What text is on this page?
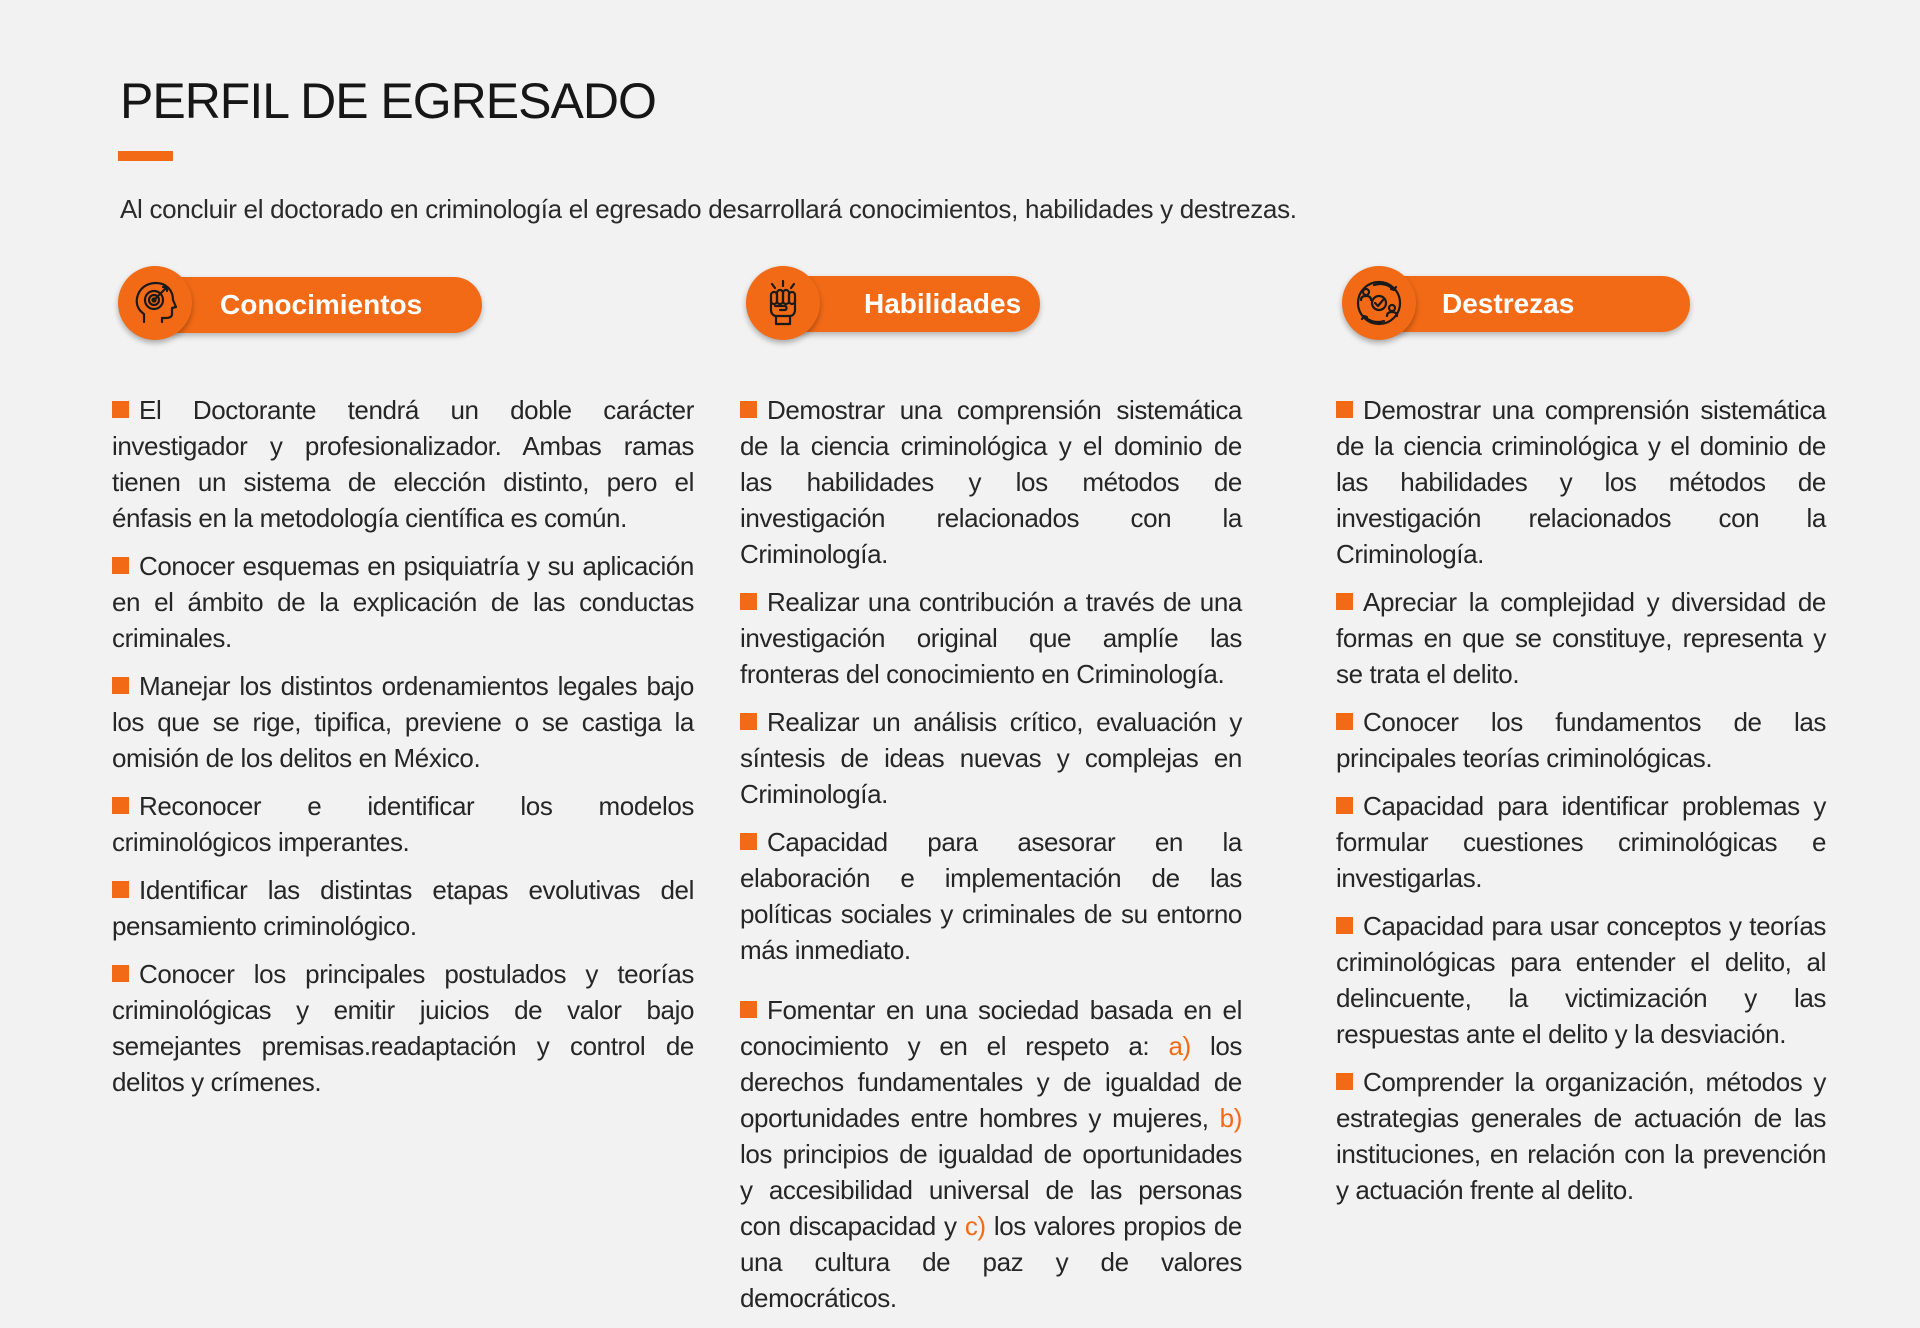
PERFIL DE EGRESADO

Al concluir el doctorado en criminología el egresado desarrollará conocimientos, habilidades y destrezas.

Conocimientos
El Doctorante tendrá un doble carácter investigador y profesionalizador. Ambas ramas tienen un sistema de elección distinto, pero el énfasis en la metodología científica es común.
Conocer esquemas en psiquiatría y su aplicación en el ámbito de la explicación de las conductas criminales.
Manejar los distintos ordenamientos legales bajo los que se rige, tipifica, previene o se castiga la omisión de los delitos en México.
Reconocer e identificar los modelos criminológicos imperantes.
Identificar las distintas etapas evolutivas del pensamiento criminológico.
Conocer los principales postulados y teorías criminológicas y emitir juicios de valor bajo semejantes premisas.readaptación y control de delitos y crímenes.
Habilidades
Demostrar una comprensión sistemática de la ciencia criminológica y el dominio de las habilidades y los métodos de investigación relacionados con la Criminología.
Realizar una contribución a través de una investigación original que amplíe las fronteras del conocimiento en Criminología.
Realizar un análisis crítico, evaluación y síntesis de ideas nuevas y complejas en Criminología.
Capacidad para asesorar en la elaboración e implementación de las políticas sociales y criminales de su entorno más inmediato.
Fomentar en una sociedad basada en el conocimiento y en el respeto a: a) los derechos fundamentales y de igualdad de oportunidades entre hombres y mujeres, b) los principios de igualdad de oportunidades y accesibilidad universal de las personas con discapacidad y c) los valores propios de una cultura de paz y de valores democráticos.
Destrezas
Demostrar una comprensión sistemática de la ciencia criminológica y el dominio de las habilidades y los métodos de investigación relacionados con la Criminología.
Apreciar la complejidad y diversidad de formas en que se constituye, representa y se trata el delito.
Conocer los fundamentos de las principales teorías criminológicas.
Capacidad para identificar problemas y formular cuestiones criminológicas e investigarlas.
Capacidad para usar conceptos y teorías criminológicas para entender el delito, al delincuente, la victimización y las respuestas ante el delito y la desviación.
Comprender la organización, métodos y estrategias generales de actuación de las instituciones, en relación con la prevención y actuación frente al delito.
